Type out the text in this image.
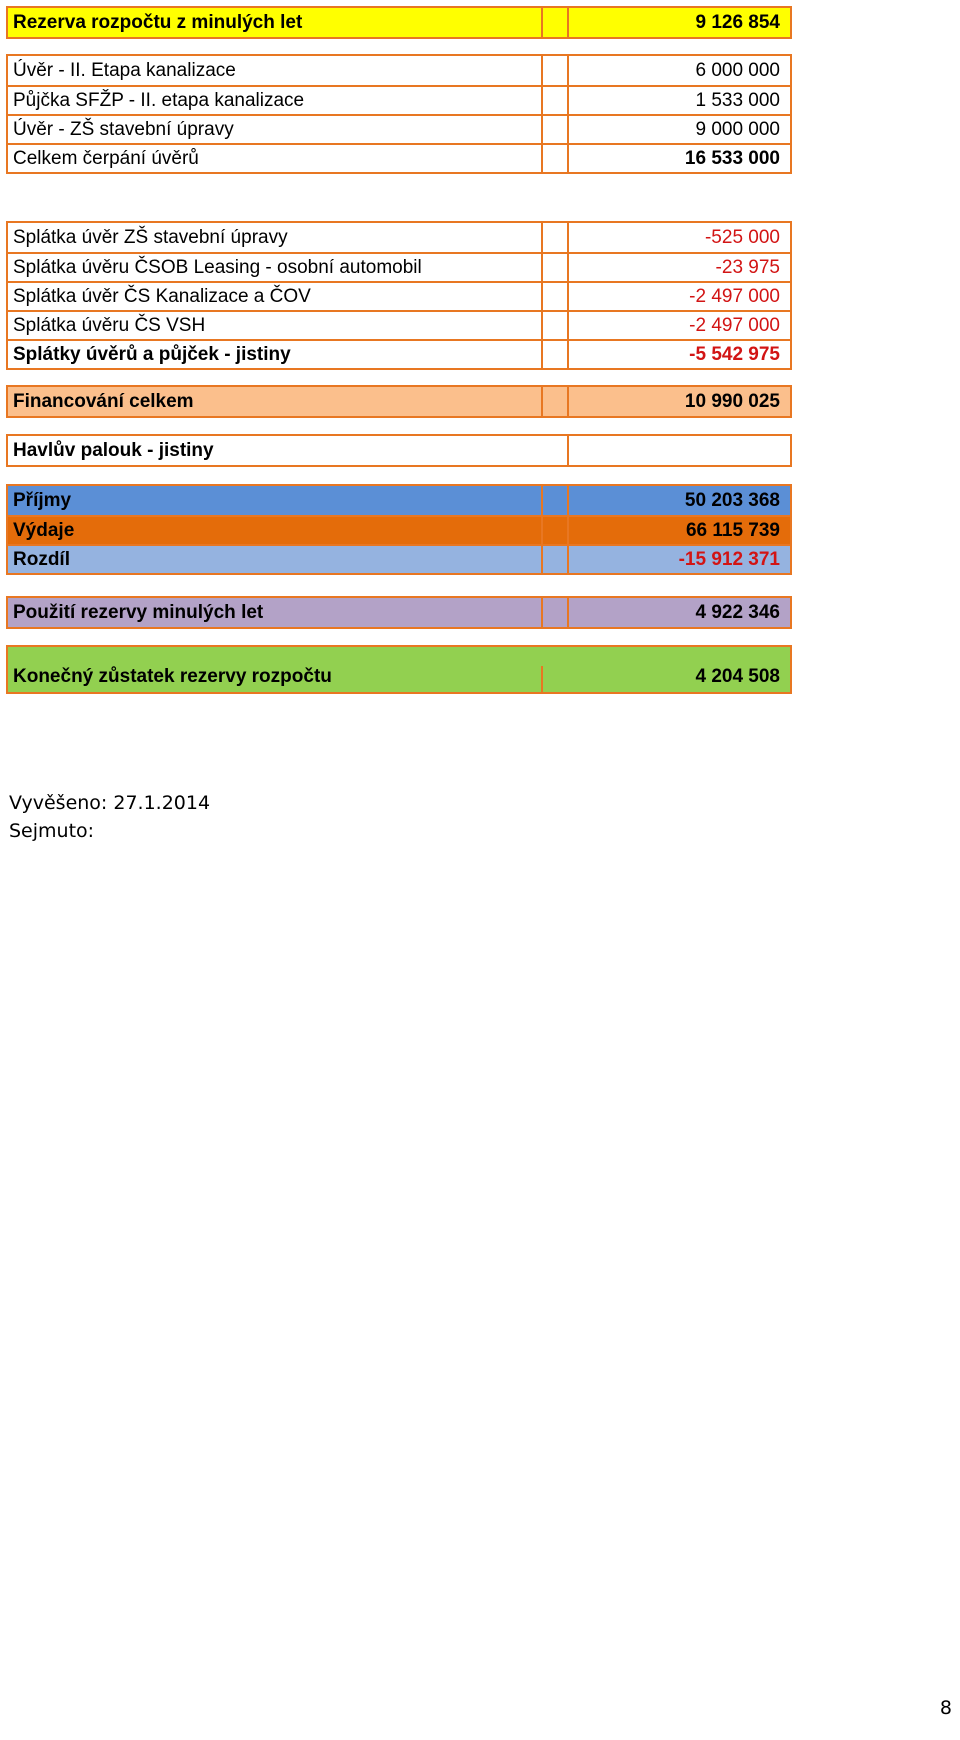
Rezerva rozpočtu z minulých let	9 126 854
Úvěr - II. Etapa kanalizace	6 000 000
Půjčka SFŽP - II. etapa kanalizace	1 533 000
Úvěr - ZŠ stavební úpravy	9 000 000
Celkem čerpání úvěrů	16 533 000
Splátka úvěr ZŠ stavební úpravy	-525 000
Splátka úvěru ČSOB Leasing - osobní automobil	-23 975
Splátka úvěr ČS Kanalizace a ČOV	-2 497 000
Splátka úvěru ČS VSH	-2 497 000
Splátky úvěrů a půjček - jistiny	-5 542 975
Financování celkem	10 990 025
Havlův palouk - jistiny
Příjmy	50 203 368
Výdaje	66 115 739
Rozdíl	-15 912 371
Použití rezervy minulých let	4 922 346
Konečný zůstatek rezervy rozpočtu	4 204 508
Vyvěšeno: 27.1.2014
Sejmuto:
8
